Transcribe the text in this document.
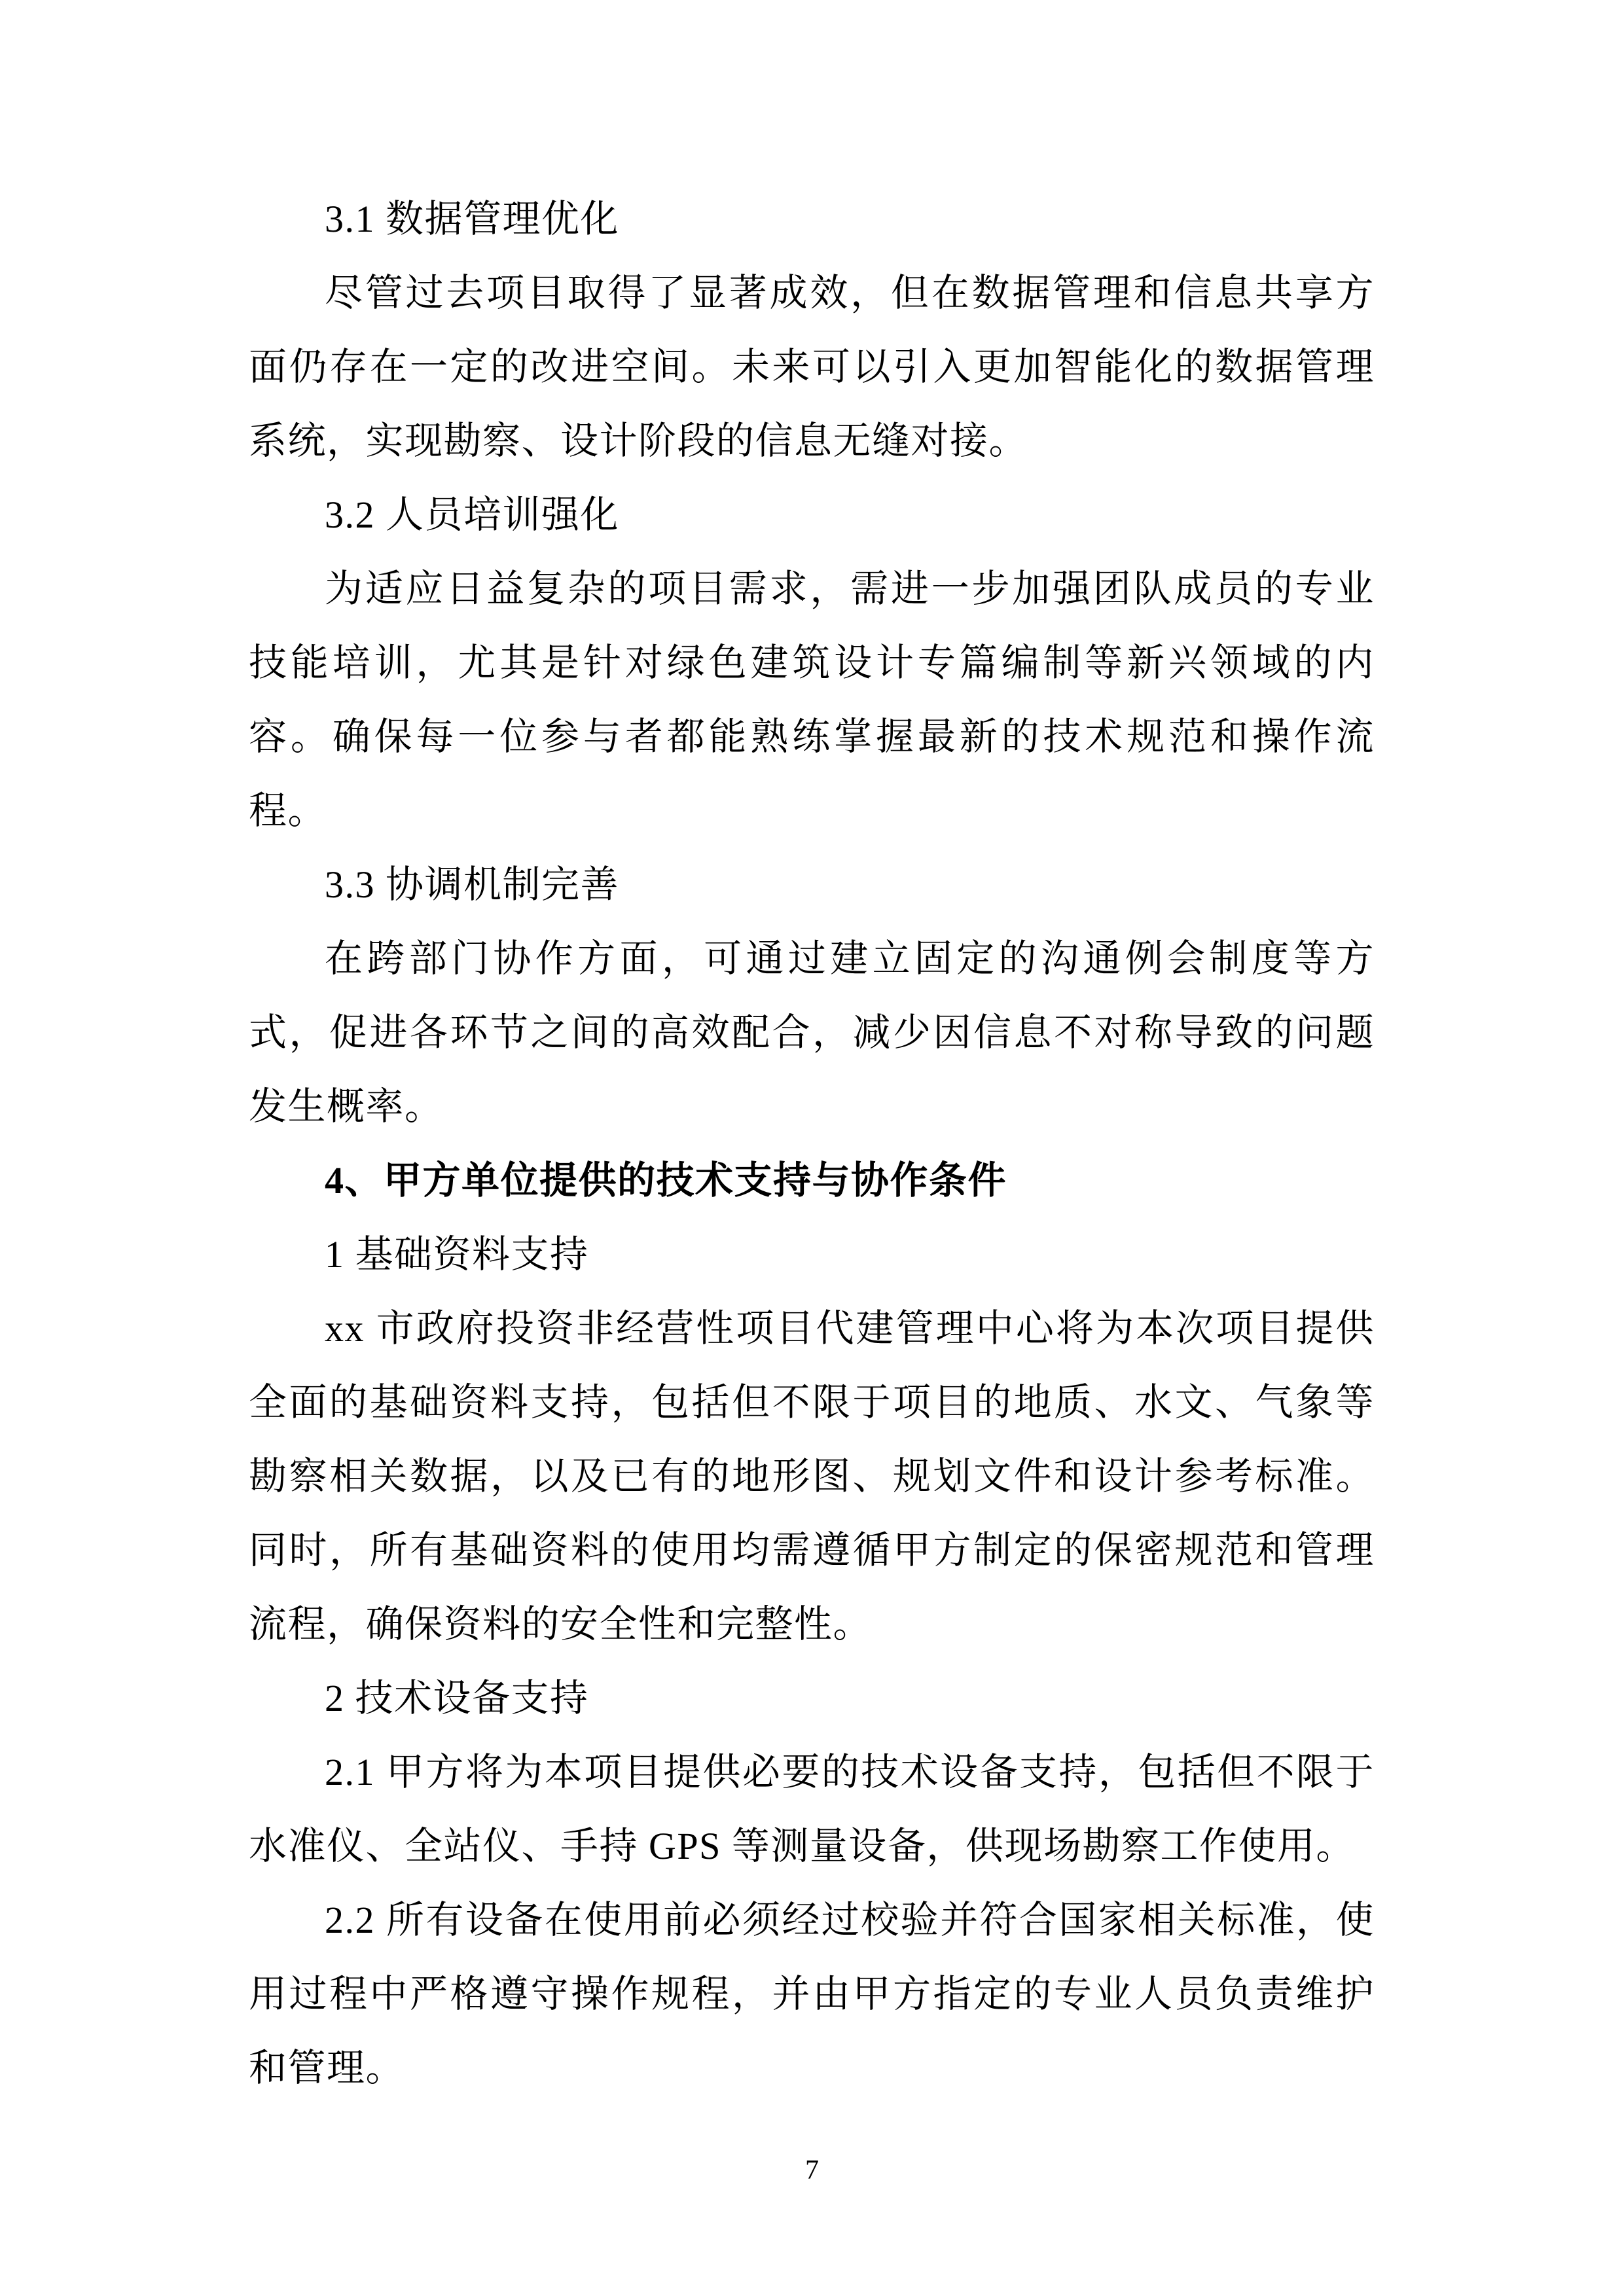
3.1 数据管理优化

尽管过去项目取得了显著成效，但在数据管理和信息共享方面仍存在一定的改进空间。未来可以引入更加智能化的数据管理系统，实现勘察、设计阶段的信息无缝对接。

3.2 人员培训强化

为适应日益复杂的项目需求，需进一步加强团队成员的专业技能培训，尤其是针对绿色建筑设计专篇编制等新兴领域的内容。确保每一位参与者都能熟练掌握最新的技术规范和操作流程。

3.3 协调机制完善

在跨部门协作方面，可通过建立固定的沟通例会制度等方式，促进各环节之间的高效配合，减少因信息不对称导致的问题发生概率。

4、甲方单位提供的技术支持与协作条件

1 基础资料支持

xx 市政府投资非经营性项目代建管理中心将为本次项目提供全面的基础资料支持，包括但不限于项目的地质、水文、气象等勘察相关数据，以及已有的地形图、规划文件和设计参考标准。同时，所有基础资料的使用均需遵循甲方制定的保密规范和管理流程，确保资料的安全性和完整性。

2 技术设备支持

2.1 甲方将为本项目提供必要的技术设备支持，包括但不限于水准仪、全站仪、手持 GPS 等测量设备，供现场勘察工作使用。

2.2 所有设备在使用前必须经过校验并符合国家相关标准，使用过程中严格遵守操作规程，并由甲方指定的专业人员负责维护和管理。

7
